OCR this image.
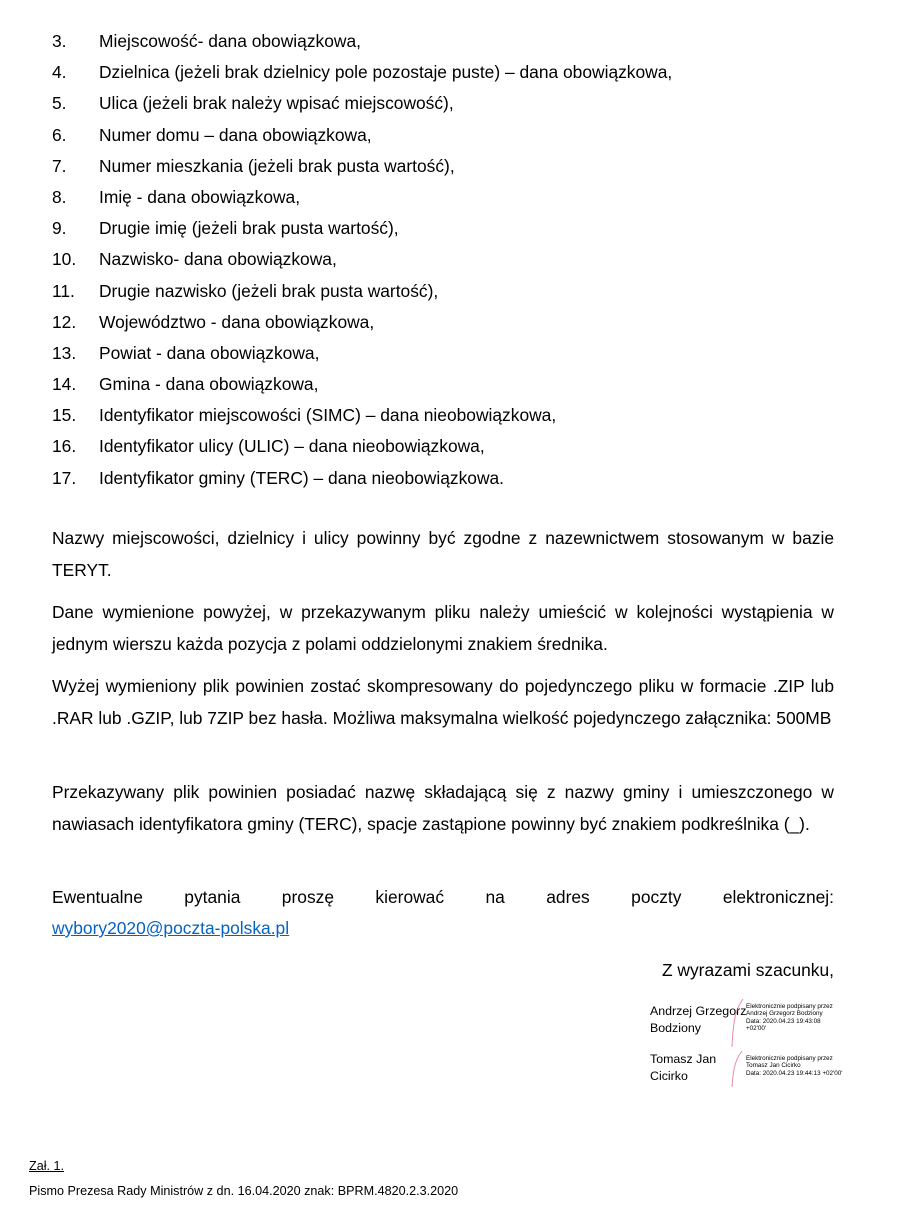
3.	Miejscowość- dana obowiązkowa,
4.	Dzielnica (jeżeli brak dzielnicy pole pozostaje puste) – dana obowiązkowa,
5.	Ulica (jeżeli brak należy wpisać miejscowość),
6.	Numer domu – dana obowiązkowa,
7.	Numer mieszkania (jeżeli brak pusta wartość),
8.	Imię - dana obowiązkowa,
9.	Drugie imię (jeżeli brak pusta wartość),
10.	Nazwisko- dana obowiązkowa,
11.	Drugie nazwisko (jeżeli brak pusta wartość),
12.	Województwo - dana obowiązkowa,
13.	Powiat - dana obowiązkowa,
14.	Gmina - dana obowiązkowa,
15.	Identyfikator miejscowości (SIMC) – dana nieobowiązkowa,
16.	Identyfikator ulicy (ULIC) – dana nieobowiązkowa,
17.	Identyfikator gminy (TERC) – dana nieobowiązkowa.

Nazwy miejscowości, dzielnicy i ulicy powinny być zgodne z nazewnictwem stosowanym w bazie TERYT.

Dane wymienione powyżej, w przekazywanym pliku należy umieścić w kolejności wystąpienia w jednym wierszu każda pozycja z polami oddzielonymi znakiem średnika.

Wyżej wymieniony plik powinien zostać skompresowany do pojedynczego pliku w formacie .ZIP lub .RAR lub .GZIP, lub 7ZIP bez hasła. Możliwa maksymalna wielkość pojedynczego załącznika: 500MB

Przekazywany plik powinien posiadać nazwę składającą się z nazwy gminy i umieszczonego w nawiasach identyfikatora gminy (TERC), spacje zastąpione powinny być znakiem podkreślnika (_).

Ewentualne pytania proszę kierować na adres poczty elektronicznej:

wybory2020@poczta-polska.pl
Z wyrazami szacunku,
Andrzej Grzegorz
Bodziony
Elektronicznie podpisany przez
Andrzej Grzegorz Bodziony
Data: 2020.04.23 19:43:08
+02'00'
Tomasz Jan
Cicirko
Elektronicznie podpisany przez
Tomasz Jan Cicirko
Data: 2020.04.23 19:44:13 +02'00'
Zał. 1.
Pismo Prezesa Rady Ministrów z dn. 16.04.2020 znak: BPRM.4820.2.3.2020
